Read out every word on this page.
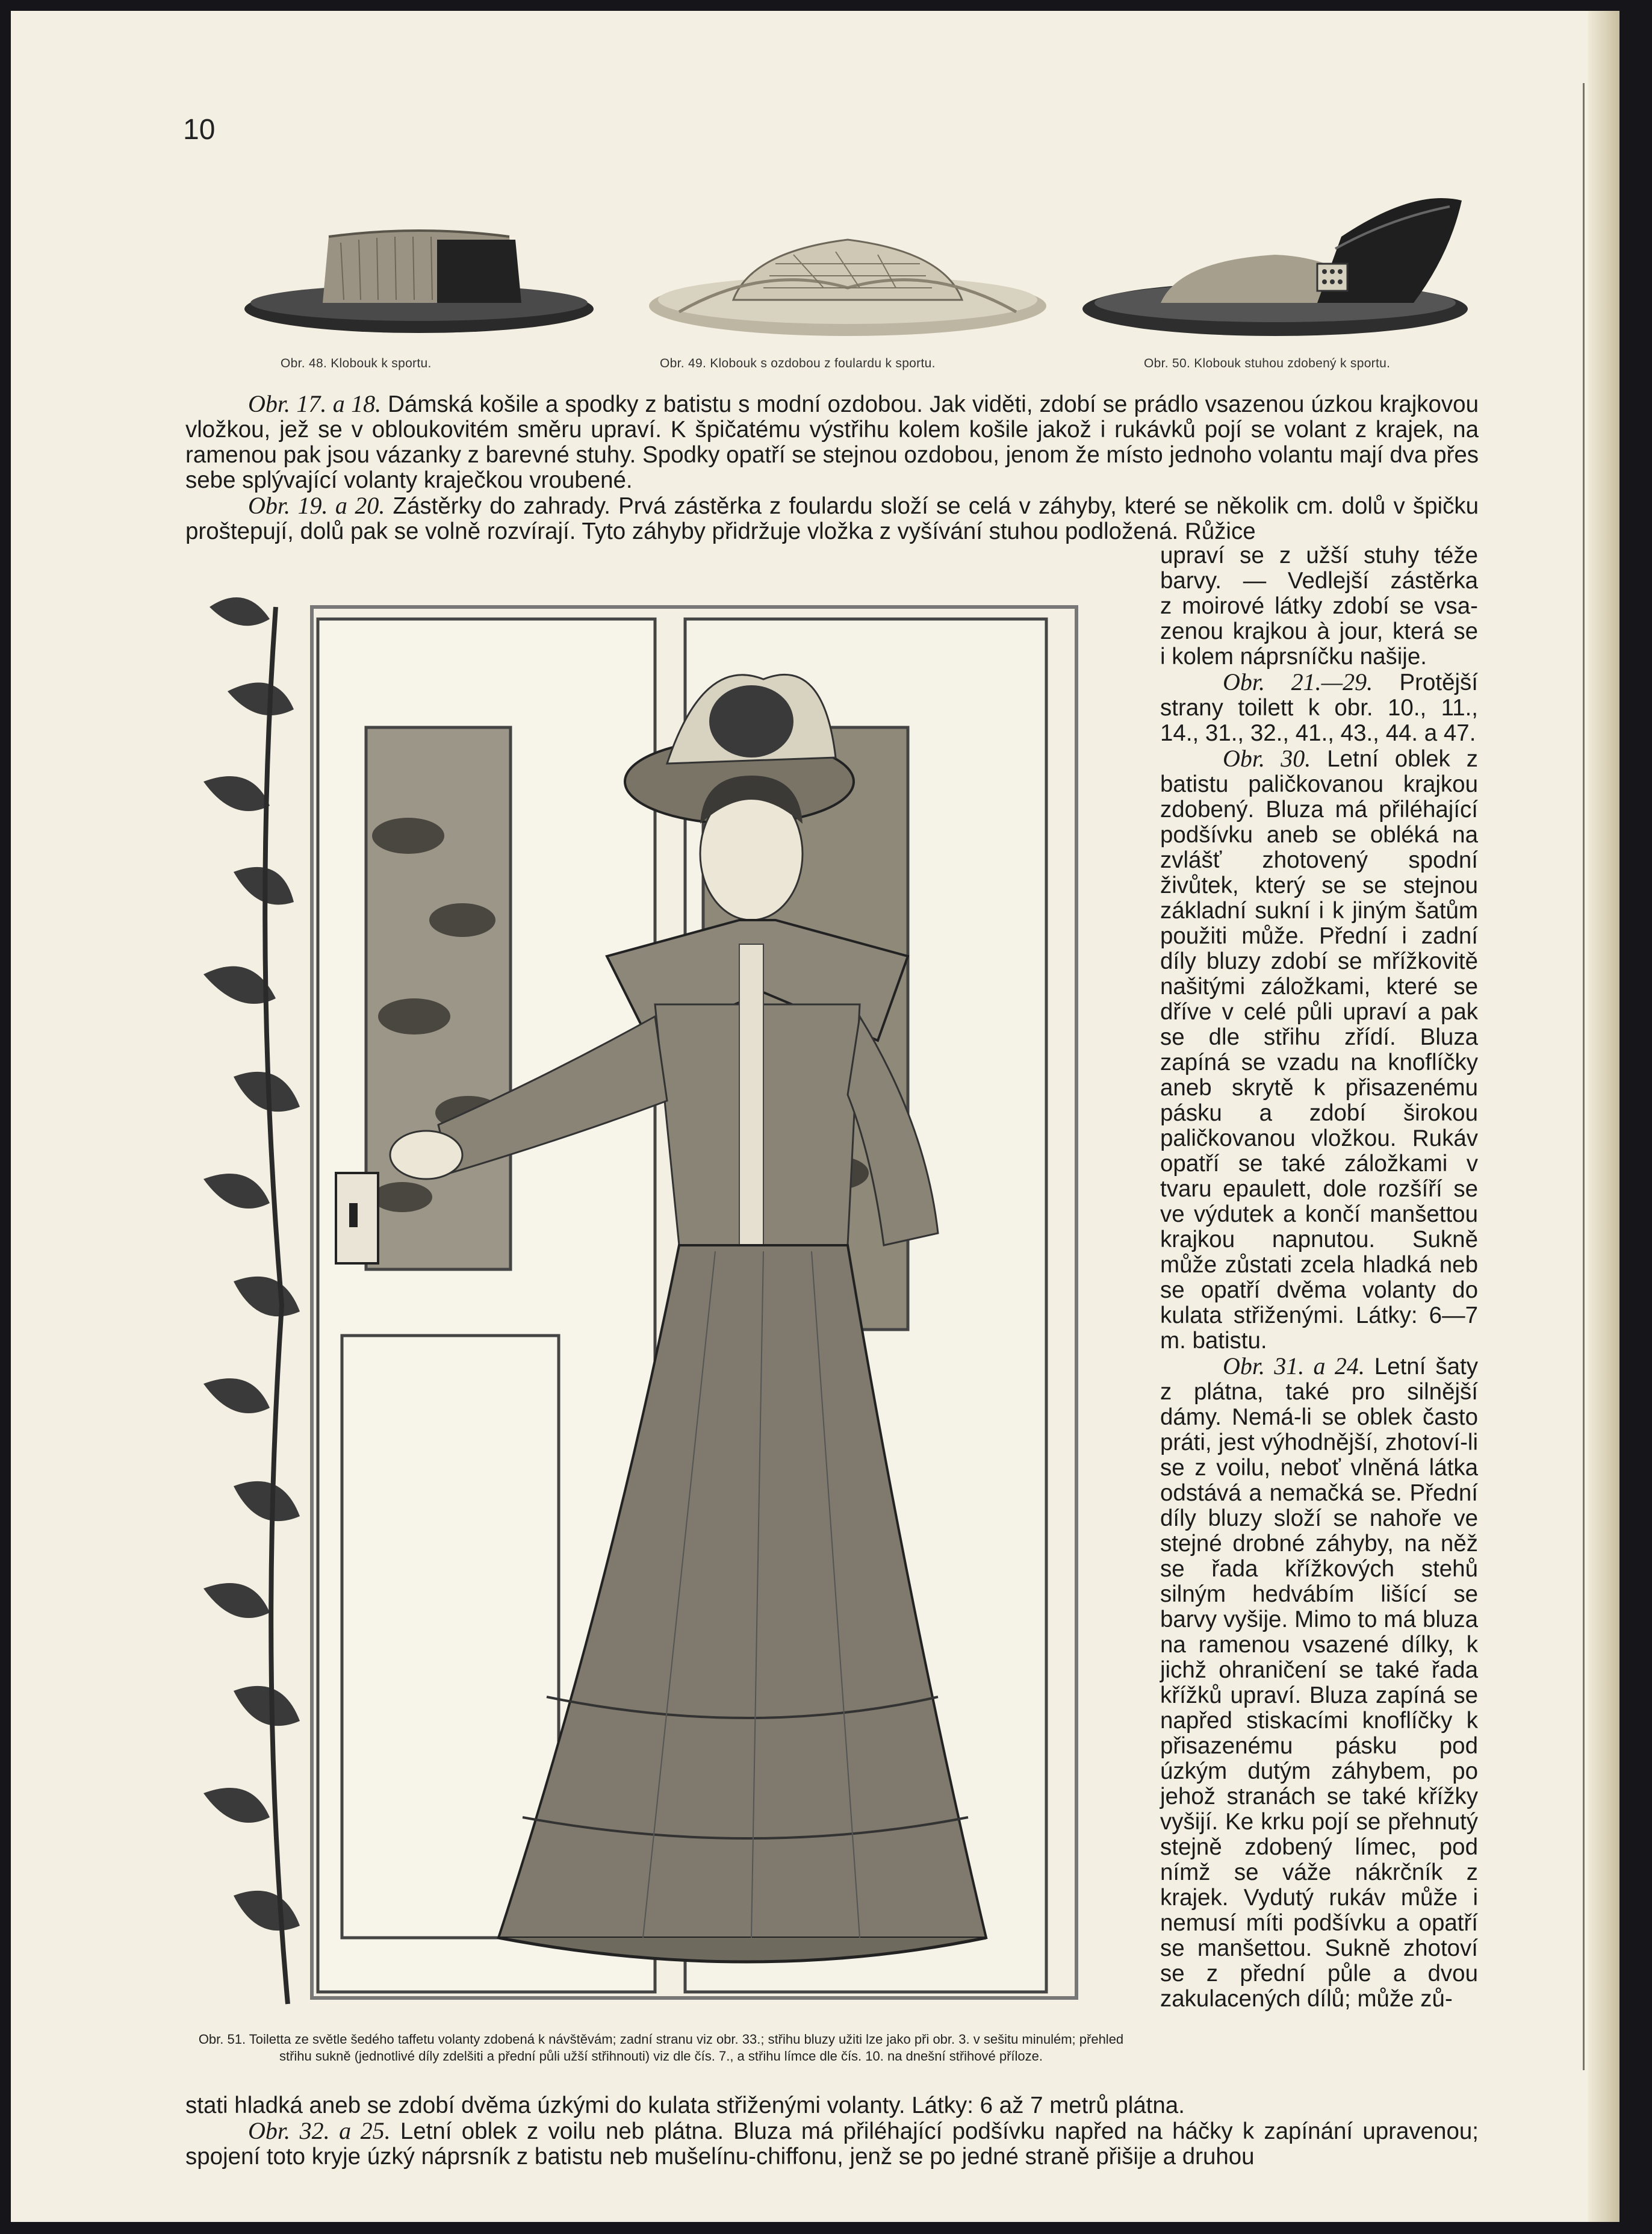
10
Obr. 48. Klobouk k sportu.	Obr. 49. Klobouk s ozdobou z foulardu k sportu.	Obr. 50. Klobouk stuhou zdobený k sportu.

Obr. 17. a 18. Dámská košile a spodky z batistu s modní ozdobou. Jak viděti, zdobí se prádlo vsazenou úzkou krajkovou vložkou, jež se v obloukovitém směru upraví. K špičatému výstřihu kolem košile jakož i rukávků pojí se volant z krajek, na ramenou pak jsou vázanky z barevné stuhy. Spodky opatří se stejnou ozdobou, jenom že místo jednoho volantu mají dva přes sebe splývající volanty kraječkou vroubené.

Obr. 19. a 20. Zástěrky do zahrady. Prvá zástěrka z foulardu složí se celá v záhyby, které se několik cm. dolů v špičku proštepují, dolů pak se volně rozvírají. Tyto záhyby přidržuje vložka z vyšívání stuhou podložená. Růžice

upraví se z užší stuhy téže
barvy. — Vedlejší zástěrka
z moirové látky zdobí se vsa-
zenou krajkou à jour, která se
i kolem náprsníčku našije.

Obr. 21.—29. Protější strany toilett k obr. 10., 11., 14., 31., 32., 41., 43., 44. a 47.

Obr. 30. Letní oblek z batistu paličkovanou krajkou zdobený. Bluza má přiléhající podšívku aneb se obléká na zvlášť zhotovený spodní živůtek, který se se stejnou základní sukní i k jiným šatům použiti může. Přední i zadní díly bluzy zdobí se mřížkovitě našitými záložkami, které se dříve v celé půli upraví a pak se dle střihu zřídí. Bluza zapíná se vzadu na knoflíčky aneb skrytě k přisazenému pásku a zdobí širokou paličkovanou vložkou. Rukáv opatří se také záložkami v tvaru epaulett, dole rozšíří se ve výdutek a končí manšettou krajkou napnutou. Sukně může zůstati zcela hladká neb se opatří dvěma volanty do kulata střiženými. Látky: 6—7 m. batistu.

Obr. 31. a 24. Letní šaty z plátna, také pro silnější dámy. Nemá-li se oblek často práti, jest výhodnější, zhotoví-li se z voilu, neboť vlněná látka odstává a nemačká se. Přední díly bluzy složí se nahoře ve stejné drobné záhyby, na něž se řada křížkových stehů silným hedvábím lišící se barvy vyšije. Mimo to má bluza na ramenou vsazené dílky, k jichž ohraničení se také řada křížků upraví. Bluza zapíná se napřed stiskacími knoflíčky k přisazenému pásku pod úzkým dutým záhybem, po jehož stranách se také křížky vyšijí. Ke krku pojí se přehnutý stejně zdobený límec, pod nímž se váže nákrčník z krajek. Vydutý rukáv může i nemusí míti podšívku a opatří se manšettou. Sukně zhotoví se z přední půle a dvou zakulacených dílů; může zů-

Obr. 51. Toiletta ze světle šedého taffetu volanty zdobená k návštěvám; zadní stranu viz obr. 33.; střihu bluzy užiti lze jako při obr. 3. v sešitu minulém; přehled střihu sukně (jednotlivé díly zdelšiti a přední půli užší střihnouti) viz dle čís. 7., a střihu límce dle čís. 10. na dnešní střihové příloze.
stati hladká aneb se zdobí dvěma úzkými do kulata střiženými volanty. Látky: 6 až 7 metrů plátna.

Obr. 32. a 25. Letní oblek z voilu neb plátna. Bluza má přiléhající podšívku napřed na háčky k zapínání upravenou; spojení toto kryje úzký náprsník z batistu neb mušelínu-chiffonu, jenž se po jedné straně přišije a druhou
